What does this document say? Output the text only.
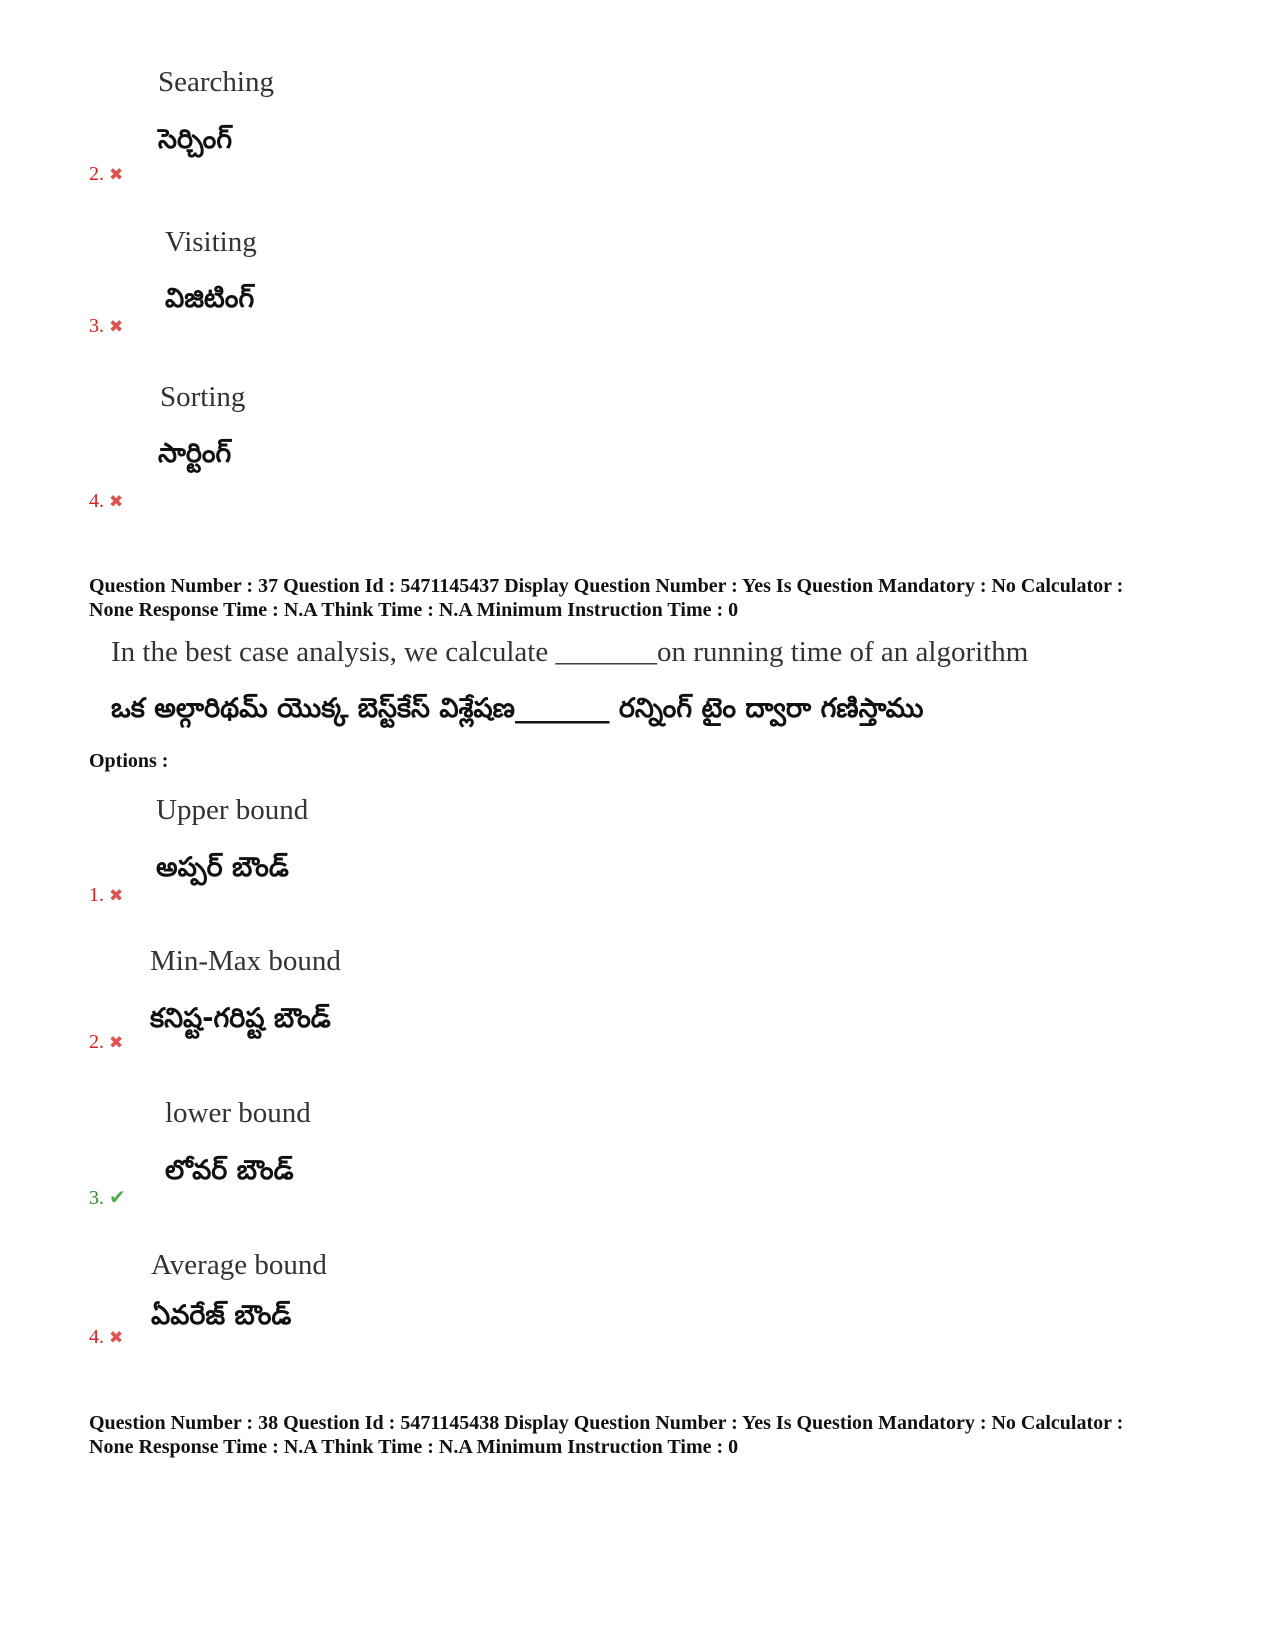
Searching
సెర్చింగ్
2. ✖
Visiting
విజిటింగ్
3. ✖
Sorting
సార్టింగ్
4. ✖
Question Number : 37 Question Id : 5471145437 Display Question Number : Yes Is Question Mandatory : No Calculator :
None Response Time : N.A Think Time : N.A Minimum Instruction Time : 0
In the best case analysis, we calculate _______on running time of an algorithm
ఒక అల్గారిథమ్ యొక్క బెస్ట్‌కేస్ విశ్లేషణ_______ రన్నింగ్ టైం ద్వారా గణిస్తాము
Options :
Upper bound
అప్పర్ బౌండ్
1. ✖
Min-Max bound
కనిష్ట-గరిష్ట బౌండ్
2. ✖
lower bound
లోవర్ బౌండ్
3. ✔
Average bound
ఏవరేజ్ బౌండ్
4. ✖
Question Number : 38 Question Id : 5471145438 Display Question Number : Yes Is Question Mandatory : No Calculator :
None Response Time : N.A Think Time : N.A Minimum Instruction Time : 0
